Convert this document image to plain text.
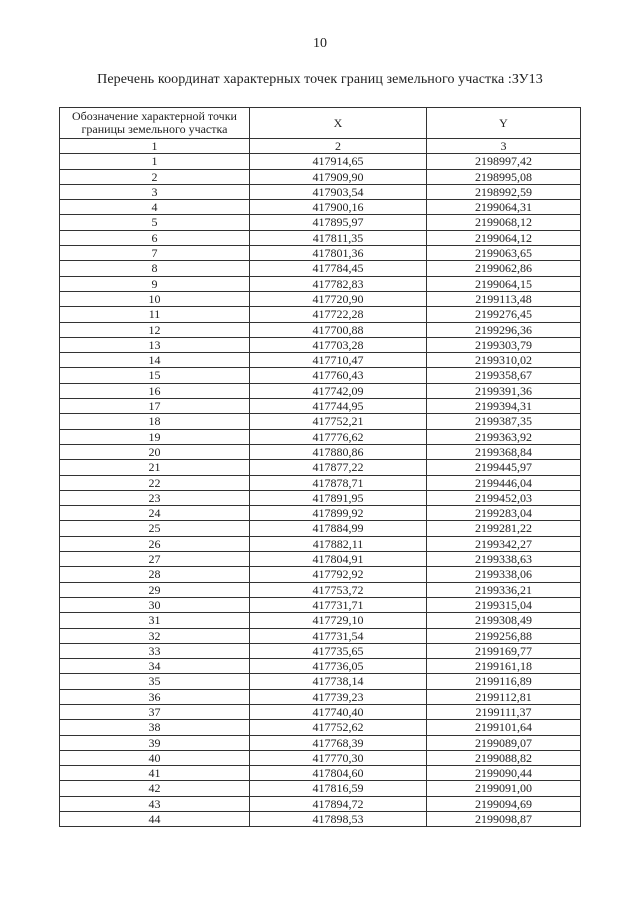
10
Перечень координат характерных точек границ земельного участка :ЗУ13
Обозначение характерной точки границы земельного участка	X	Y
1	2	3
1	417914,65	2198997,42
2	417909,90	2198995,08
3	417903,54	2198992,59
4	417900,16	2199064,31
5	417895,97	2199068,12
6	417811,35	2199064,12
7	417801,36	2199063,65
8	417784,45	2199062,86
9	417782,83	2199064,15
10	417720,90	2199113,48
11	417722,28	2199276,45
12	417700,88	2199296,36
13	417703,28	2199303,79
14	417710,47	2199310,02
15	417760,43	2199358,67
16	417742,09	2199391,36
17	417744,95	2199394,31
18	417752,21	2199387,35
19	417776,62	2199363,92
20	417880,86	2199368,84
21	417877,22	2199445,97
22	417878,71	2199446,04
23	417891,95	2199452,03
24	417899,92	2199283,04
25	417884,99	2199281,22
26	417882,11	2199342,27
27	417804,91	2199338,63
28	417792,92	2199338,06
29	417753,72	2199336,21
30	417731,71	2199315,04
31	417729,10	2199308,49
32	417731,54	2199256,88
33	417735,65	2199169,77
34	417736,05	2199161,18
35	417738,14	2199116,89
36	417739,23	2199112,81
37	417740,40	2199111,37
38	417752,62	2199101,64
39	417768,39	2199089,07
40	417770,30	2199088,82
41	417804,60	2199090,44
42	417816,59	2199091,00
43	417894,72	2199094,69
44	417898,53	2199098,87
